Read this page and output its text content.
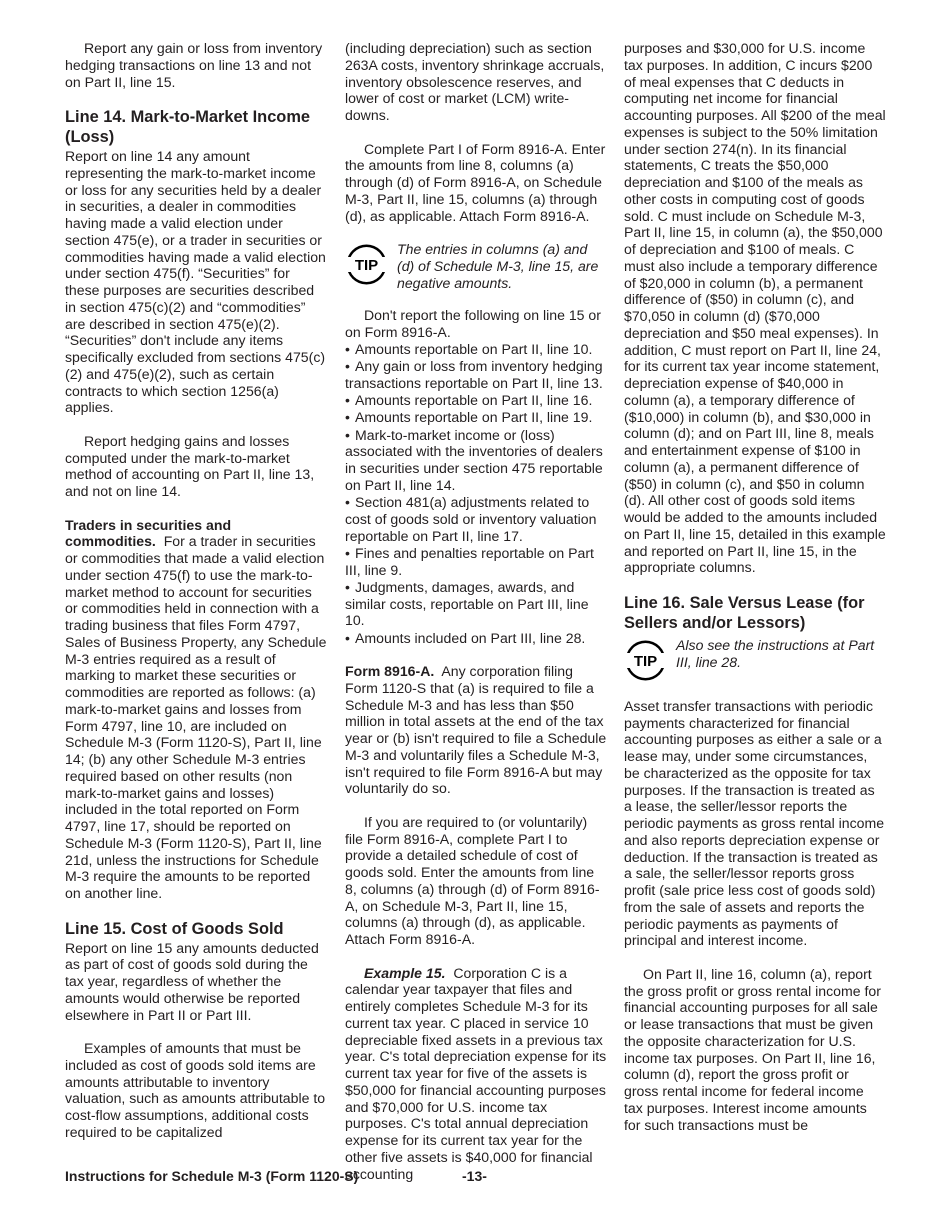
Report any gain or loss from inventory hedging transactions on line 13 and not on Part II, line 15.

Line 14. Mark-to-Market Income (Loss)

Report on line 14 any amount representing the mark-to-market income or loss for any securities held by a dealer in securities, a dealer in commodities having made a valid election under section 475(e), or a trader in securities or commodities having made a valid election under section 475(f). “Securities” for these purposes are securities described in section 475(c)(2) and “commodities” are described in section 475(e)(2). “Securities” don't include any items specifically excluded from sections 475(c)(2) and 475(e)(2), such as certain contracts to which section 1256(a) applies.

Report hedging gains and losses computed under the mark-to-market method of accounting on Part II, line 13, and not on line 14.

Traders in securities and commodities. For a trader in securities or commodities that made a valid election under section 475(f) to use the mark-to-market method to account for securities or commodities held in connection with a trading business that files Form 4797, Sales of Business Property, any Schedule M-3 entries required as a result of marking to market these securities or commodities are reported as follows: (a) mark-to-market gains and losses from Form 4797, line 10, are included on Schedule M-3 (Form 1120-S), Part II, line 14; (b) any other Schedule M-3 entries required based on other results (non mark-to-market gains and losses) included in the total reported on Form 4797, line 17, should be reported on Schedule M-3 (Form 1120-S), Part II, line 21d, unless the instructions for Schedule M-3 require the amounts to be reported on another line.

Line 15. Cost of Goods Sold

Report on line 15 any amounts deducted as part of cost of goods sold during the tax year, regardless of whether the amounts would otherwise be reported elsewhere in Part II or Part III.

Examples of amounts that must be included as cost of goods sold items are amounts attributable to inventory valuation, such as amounts attributable to cost-flow assumptions, additional costs required to be capitalized

(including depreciation) such as section 263A costs, inventory shrinkage accruals, inventory obsolescence reserves, and lower of cost or market (LCM) write-downs.

Complete Part I of Form 8916-A. Enter the amounts from line 8, columns (a) through (d) of Form 8916-A, on Schedule M-3, Part II, line 15, columns (a) through (d), as applicable. Attach Form 8916-A.

TIP
The entries in columns (a) and (d) of Schedule M-3, line 15, are negative amounts.

Don't report the following on line 15 or on Form 8916-A.

• Amounts reportable on Part II, line 10.
• Any gain or loss from inventory hedging transactions reportable on Part II, line 13.
• Amounts reportable on Part II, line 16.
• Amounts reportable on Part II, line 19.
• Mark-to-market income or (loss) associated with the inventories of dealers in securities under section 475 reportable on Part II, line 14.
• Section 481(a) adjustments related to cost of goods sold or inventory valuation reportable on Part II, line 17.
• Fines and penalties reportable on Part III, line 9.
• Judgments, damages, awards, and similar costs, reportable on Part III, line 10.
• Amounts included on Part III, line 28.

Form 8916-A. Any corporation filing Form 1120-S that (a) is required to file a Schedule M-3 and has less than $50 million in total assets at the end of the tax year or (b) isn't required to file a Schedule M-3 and voluntarily files a Schedule M-3, isn't required to file Form 8916-A but may voluntarily do so.

If you are required to (or voluntarily) file Form 8916-A, complete Part I to provide a detailed schedule of cost of goods sold. Enter the amounts from line 8, columns (a) through (d) of Form 8916-A, on Schedule M-3, Part II, line 15, columns (a) through (d), as applicable. Attach Form 8916-A.

Example 15. Corporation C is a calendar year taxpayer that files and entirely completes Schedule M-3 for its current tax year. C placed in service 10 depreciable fixed assets in a previous tax year. C's total depreciation expense for its current tax year for five of the assets is $50,000 for financial accounting purposes and $70,000 for U.S. income tax purposes. C's total annual depreciation expense for its current tax year for the other five assets is $40,000 for financial accounting

purposes and $30,000 for U.S. income tax purposes. In addition, C incurs $200 of meal expenses that C deducts in computing net income for financial accounting purposes. All $200 of the meal expenses is subject to the 50% limitation under section 274(n). In its financial statements, C treats the $50,000 depreciation and $100 of the meals as other costs in computing cost of goods sold. C must include on Schedule M-3, Part II, line 15, in column (a), the $50,000 of depreciation and $100 of meals. C must also include a temporary difference of $20,000 in column (b), a permanent difference of ($50) in column (c), and $70,050 in column (d) ($70,000 depreciation and $50 meal expenses). In addition, C must report on Part II, line 24, for its current tax year income statement, depreciation expense of $40,000 in column (a), a temporary difference of ($10,000) in column (b), and $30,000 in column (d); and on Part III, line 8, meals and entertainment expense of $100 in column (a), a permanent difference of ($50) in column (c), and $50 in column (d). All other cost of goods sold items would be added to the amounts included on Part II, line 15, detailed in this example and reported on Part II, line 15, in the appropriate columns.

Line 16. Sale Versus Lease (for Sellers and/or Lessors)
TIP
Also see the instructions at Part III, line 28.

Asset transfer transactions with periodic payments characterized for financial accounting purposes as either a sale or a lease may, under some circumstances, be characterized as the opposite for tax purposes. If the transaction is treated as a lease, the seller/lessor reports the periodic payments as gross rental income and also reports depreciation expense or deduction. If the transaction is treated as a sale, the seller/lessor reports gross profit (sale price less cost of goods sold) from the sale of assets and reports the periodic payments as payments of principal and interest income.

On Part II, line 16, column (a), report the gross profit or gross rental income for financial accounting purposes for all sale or lease transactions that must be given the opposite characterization for U.S. income tax purposes. On Part II, line 16, column (d), report the gross profit or gross rental income for federal income tax purposes. Interest income amounts for such transactions must be

Instructions for Schedule M-3 (Form 1120-S)	-13-
